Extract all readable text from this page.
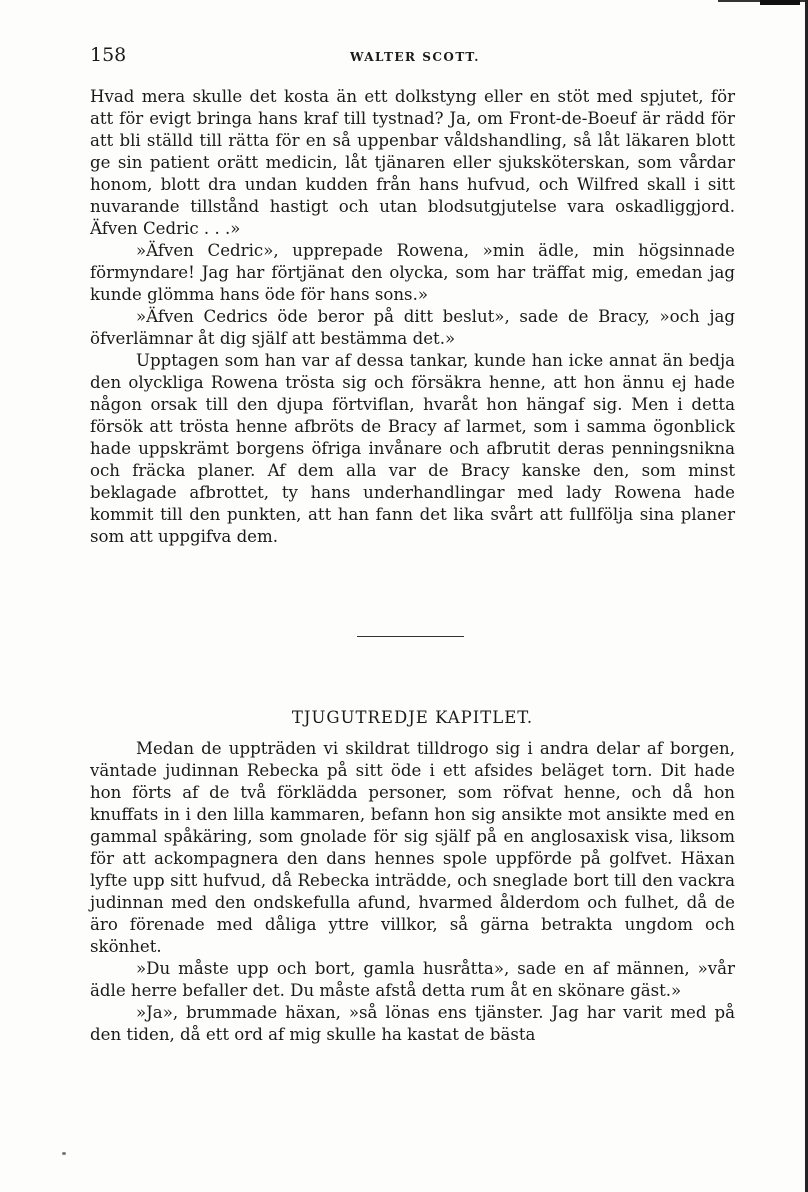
158	WALTER SCOTT.

Hvad mera skulle det kosta än ett dolkstyng eller en stöt med spjutet, för att för evigt bringa hans kraf till tystnad? Ja, om Front-de-Boeuf är rädd för att bli ställd till rätta för en så uppenbar våldshandling, så låt läkaren blott ge sin patient orätt medicin, låt tjänaren eller sjuksköterskan, som vårdar honom, blott dra undan kudden från hans hufvud, och Wilfred skall i sitt nuvarande tillstånd hastigt och utan blodsutgjutelse vara oskadliggjord. Äfven Cedric . . .»

»Äfven Cedric», upprepade Rowena, »min ädle, min högsinnade förmyndare! Jag har förtjänat den olycka, som har träffat mig, emedan jag kunde glömma hans öde för hans sons.»

»Äfven Cedrics öde beror på ditt beslut», sade de Bracy, »och jag öfverlämnar åt dig själf att bestämma det.»

Upptagen som han var af dessa tankar, kunde han icke annat än bedja den olyckliga Rowena trösta sig och försäkra henne, att hon ännu ej hade någon orsak till den djupa förtviflan, hvaråt hon hängaf sig. Men i detta försök att trösta henne afbröts de Bracy af larmet, som i samma ögonblick hade uppskrämt borgens öfriga invånare och afbrutit deras penningsnikna och fräcka planer. Af dem alla var de Bracy kanske den, som minst beklagade afbrottet, ty hans underhandlingar med lady Rowena hade kommit till den punkten, att han fann det lika svårt att fullfölja sina planer som att uppgifva dem.

TJUGUTREDJE KAPITLET.

Medan de uppträden vi skildrat tilldrogo sig i andra delar af borgen, väntade judinnan Rebecka på sitt öde i ett afsides beläget torn. Dit hade hon förts af de två förklädda personer, som röfvat henne, och då hon knuffats in i den lilla kammaren, befann hon sig ansikte mot ansikte med en gammal spåkäring, som gnolade för sig själf på en anglosaxisk visa, liksom för att ackompagnera den dans hennes spole uppförde på golfvet. Häxan lyfte upp sitt hufvud, då Rebecka inträdde, och sneglade bort till den vackra judinnan med den ondskefulla afund, hvarmed ålderdom och fulhet, då de äro förenade med dåliga yttre villkor, så gärna betrakta ungdom och skönhet.

»Du måste upp och bort, gamla husråtta», sade en af männen, »vår ädle herre befaller det. Du måste afstå detta rum åt en skönare gäst.»

»Ja», brummade häxan, »så lönas ens tjänster. Jag har varit med på den tiden, då ett ord af mig skulle ha kastat de bästa
